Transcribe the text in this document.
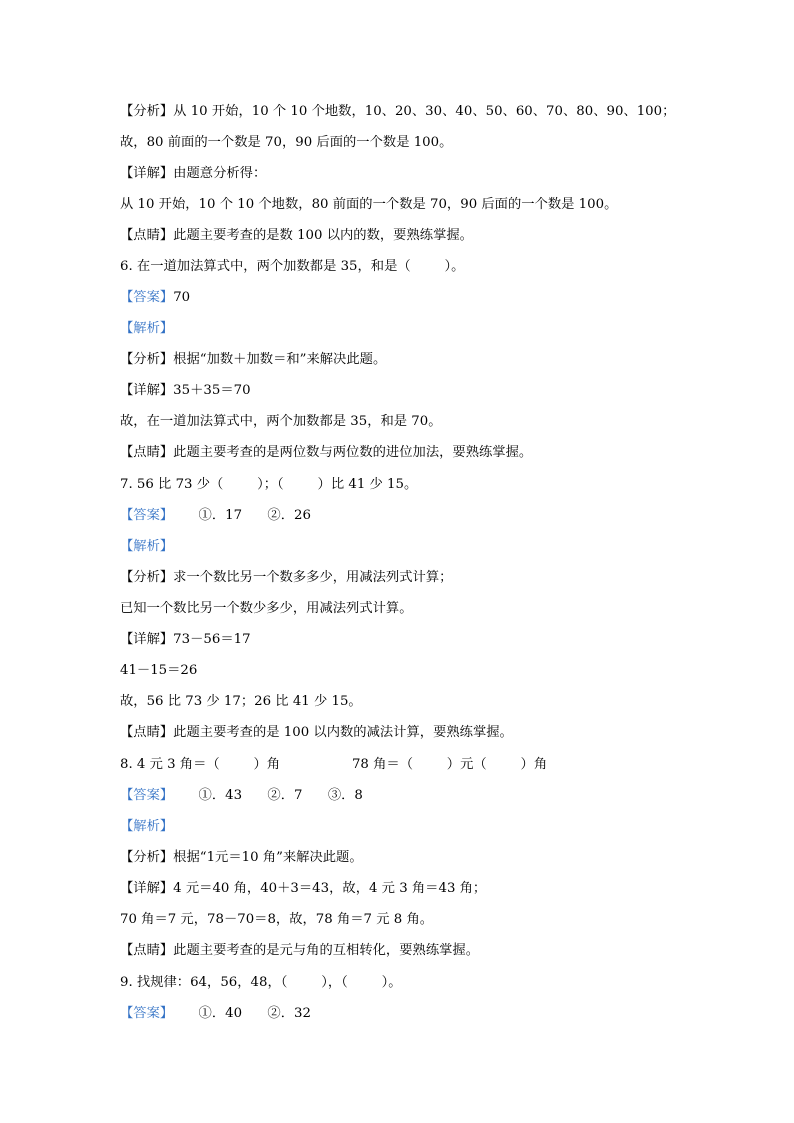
【分析】从 10 开始，10 个 10 个地数，10、20、30、40、50、60、70、80、90、100；
故，80 前面的一个数是 70，90 后面的一个数是 100。
【详解】由题意分析得：
从 10 开始，10 个 10 个地数，80 前面的一个数是 70，90 后面的一个数是 100。
【点睛】此题主要考查的是数 100 以内的数，要熟练掌握。
6. 在一道加法算式中，两个加数都是 35，和是（        ）。
【答案】70
【解析】
【分析】根据“加数＋加数＝和”来解决此题。
【详解】35＋35＝70
故，在一道加法算式中，两个加数都是 35，和是 70。
【点睛】此题主要考查的是两位数与两位数的进位加法，要熟练掌握。
7. 56 比 73 少（        ）；（        ）比 41 少 15。
【答案】      ①．17      ②．26
【解析】
【分析】求一个数比另一个数多多少，用减法列式计算；
已知一个数比另一个数少多少，用减法列式计算。
【详解】73－56＝17
41－15＝26
故，56 比 73 少 17；26 比 41 少 15。
【点睛】此题主要考查的是 100 以内数的减法计算，要熟练掌握。
8. 4 元 3 角＝（        ）角                 78 角＝（        ）元（        ）角
【答案】      ①．43      ②．7      ③．8
【解析】
【分析】根据“1元＝10 角”来解决此题。
【详解】4 元＝40 角，40＋3＝43，故，4 元 3 角＝43 角；
70 角＝7 元，78－70＝8，故，78 角＝7 元 8 角。
【点睛】此题主要考查的是元与角的互相转化，要熟练掌握。
9. 找规律：64，56，48，（        ），（        ）。
【答案】      ①．40      ②．32
